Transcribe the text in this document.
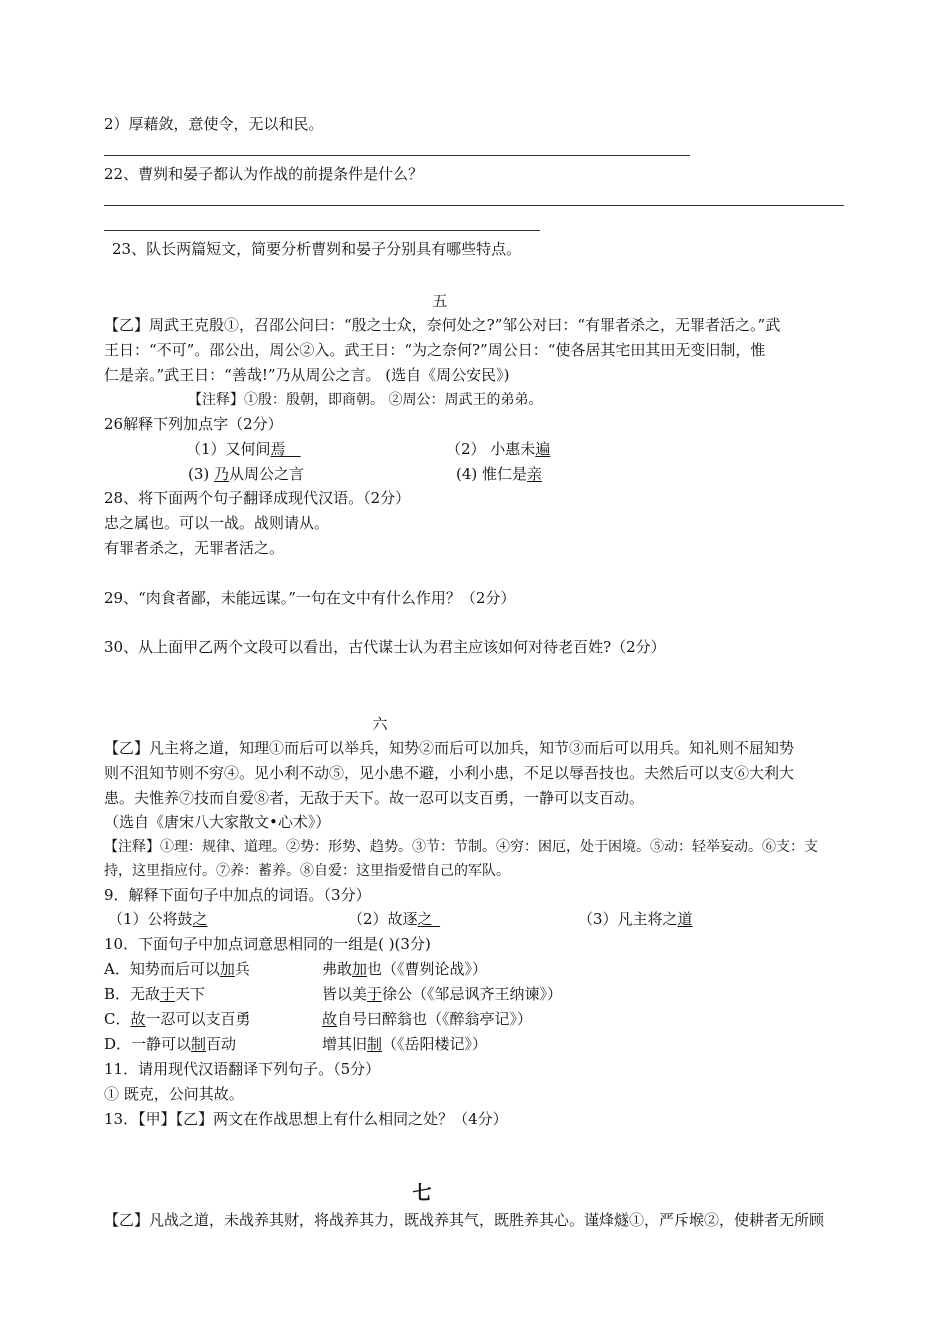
2）厚藉敛，意使令，无以和民。
22、曹刿和晏子都认为作战的前提条件是什么？
23、队长两篇短文，简要分析曹刿和晏子分别具有哪些特点。
五
【乙】周武王克殷①，召邵公问曰：“殷之士众，奈何处之?”邹公对曰：“有罪者杀之，无罪者活之。”武
王日：“不可”。邵公出，周公②入。武王日：“为之奈何?”周公日：“使各居其宅田其田无变旧制，惟
仁是亲。”武王日：“善哉!”乃从周公之言。 (选自《周公安民》)
【注释】①殷：殷朝，即商朝。 ②周公：周武王的弟弟。
26解释下列加点字（2分）
（1）又何间焉 	（2） 小惠未遍
(3) 乃从周公之言	(4) 惟仁是亲
28、将下面两个句子翻译成现代汉语。（2分）
忠之属也。可以一战。战则请从。
有罪者杀之，无罪者活之。
29、“肉食者鄙，未能远谋。”一句在文中有什么作用？（2分）
30、从上面甲乙两个文段可以看出，古代谋士认为君主应该如何对待老百姓?（2分）
六
【乙】凡主将之道，知理①而后可以举兵，知势②而后可以加兵，知节③而后可以用兵。知礼则不屈知势
则不沮知节则不穷④。见小利不动⑤，见小患不避，小利小患，不足以辱吾技也。夫然后可以支⑥大利大
患。夫惟养⑦技而自爱⑧者，无敌于天下。故一忍可以支百勇，一静可以支百动。
（选自《唐宋八大家散文•心术》）
【注释】①理：规律、道理。②势：形势、趋势。③节：节制。④穷：困厄，处于困境。⑤动：轻举妄动。⑥支：支
持，这里指应付。⑦养：蓄养。⑧自爱：这里指爱惜自己的军队。
9．解释下面句子中加点的词语。（3分）
（1）公将鼓之	（2）故逐之 	（3）凡主将之道
10．下面句子中加点词意思相同的一组是( )(3分)
A．知势而后可以加兵	弗敢加也（《曹刿论战》）
B．无敌于天下	皆以美于徐公（《邹忌讽齐王纳谏》）
C．故一忍可以支百勇	故自号曰醉翁也（《醉翁亭记》）
D．一静可以制百动	增其旧制（《岳阳楼记》）
11．请用现代汉语翻译下列句子。（5分）
① 既克，公问其故。
13．【甲】【乙】两文在作战思想上有什么相同之处？（4分）
七
【乙】凡战之道，未战养其财，将战养其力，既战养其气，既胜养其心。谨烽燧①，严斥堠②，使耕者无所顾
